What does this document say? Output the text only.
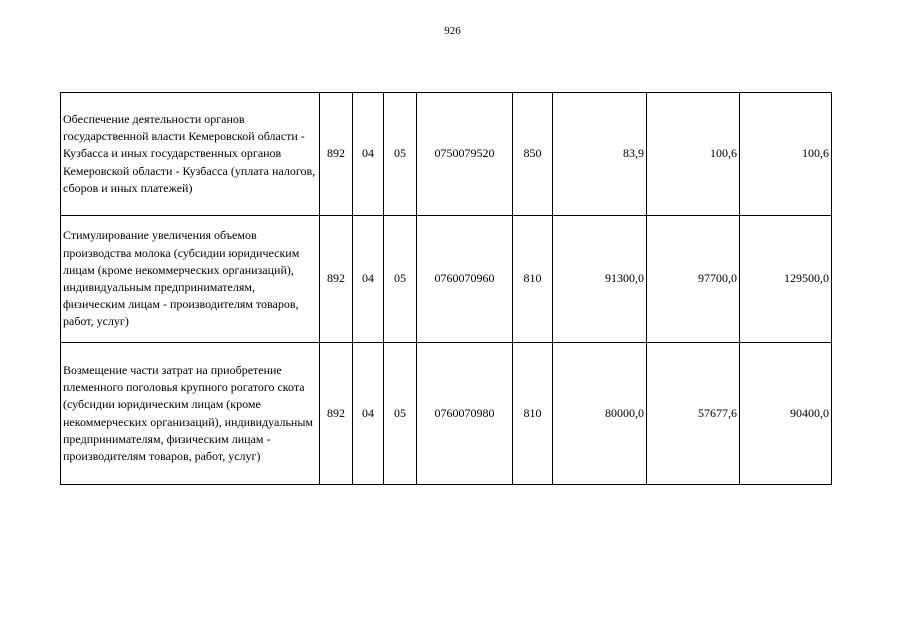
926
Обеспечение деятельности органов государственной власти Кемеровской области - Кузбасса и иных государственных органов Кемеровской области - Кузбасса (уплата налогов, сборов и иных платежей)	892	04	05	0750079520	850	83,9	100,6	100,6
Стимулирование увеличения объемов производства молока (субсидии юридическим лицам (кроме некоммерческих организаций), индивидуальным предпринимателям, физическим лицам - производителям товаров, работ, услуг)	892	04	05	0760070960	810	91300,0	97700,0	129500,0
Возмещение части затрат на приобретение племенного поголовья крупного рогатого скота (субсидии юридическим лицам (кроме некоммерческих организаций), индивидуальным предпринимателям, физическим лицам - производителям товаров, работ, услуг)	892	04	05	0760070980	810	80000,0	57677,6	90400,0
